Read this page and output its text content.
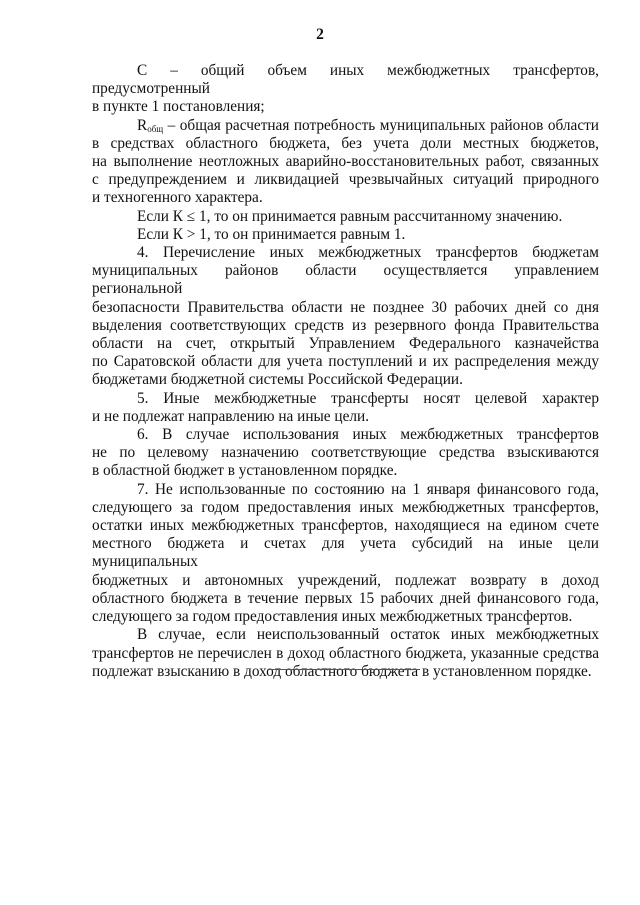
2
С – общий объем иных межбюджетных трансфертов, предусмотренный
в пункте 1 постановления;
$R_{общ}$ – общая расчетная потребность муниципальных районов области
в средствах областного бюджета, без учета доли местных бюджетов,
на выполнение неотложных аварийно-восстановительных работ, связанных
с предупреждением и ликвидацией чрезвычайных ситуаций природного
и техногенного характера.
Если К ≤ 1, то он принимается равным рассчитанному значению.
Если К > 1, то он принимается равным 1.
4. Перечисление иных межбюджетных трансфертов бюджетам
муниципальных районов области осуществляется управлением региональной
безопасности Правительства области не позднее 30 рабочих дней со дня
выделения соответствующих средств из резервного фонда Правительства
области на счет, открытый Управлением Федерального казначейства
по Саратовской области для учета поступлений и их распределения между
бюджетами бюджетной системы Российской Федерации.
5. Иные межбюджетные трансферты носят целевой характер
и не подлежат направлению на иные цели.
6. В случае использования иных межбюджетных трансфертов
не по целевому назначению соответствующие средства взыскиваются
в областной бюджет в установленном порядке.
7. Не использованные по состоянию на 1 января финансового года,
следующего за годом предоставления иных межбюджетных трансфертов,
остатки иных межбюджетных трансфертов, находящиеся на едином счете
местного бюджета и счетах для учета субсидий на иные цели муниципальных
бюджетных и автономных учреждений, подлежат возврату в доход
областного бюджета в течение первых 15 рабочих дней финансового года,
следующего за годом предоставления иных межбюджетных трансфертов.
В случае, если неиспользованный остаток иных межбюджетных
трансфертов не перечислен в доход областного бюджета, указанные средства
подлежат взысканию в доход областного бюджета в установленном порядке.
